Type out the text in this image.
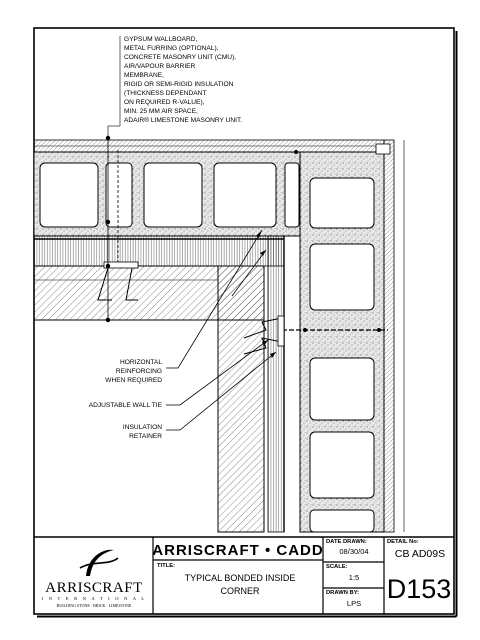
GYPSUM WALLBOARD,
METAL FURRING (OPTIONAL),
CONCRETE MASONRY UNIT (CMU),
AIR/VAPOUR BARRIER
MEMBRANE,
RIGID OR SEMI-RIGID INSULATION
(THICKNESS DEPENDANT
ON REQUIRED R-VALUE),
MIN. 25 MM AIR SPACE,
ADAIR® LIMESTONE MASONRY UNIT.
HORIZONTAL
REINFORCING
WHEN REQUIRED
ADJUSTABLE WALL TIE
INSULATION
RETAINER
ARRISCRAFT
I N T E R N A T I O N A L
BUILDING STONE · BRICK · LIMESTONE
ARRISCRAFT • CADD
TITLE:
TYPICAL BONDED INSIDE
CORNER
DATE DRAWN:
08/30/04
SCALE:
1:5
DRAWN BY:
LPS
DETAIL No:
CB AD09S
D153
